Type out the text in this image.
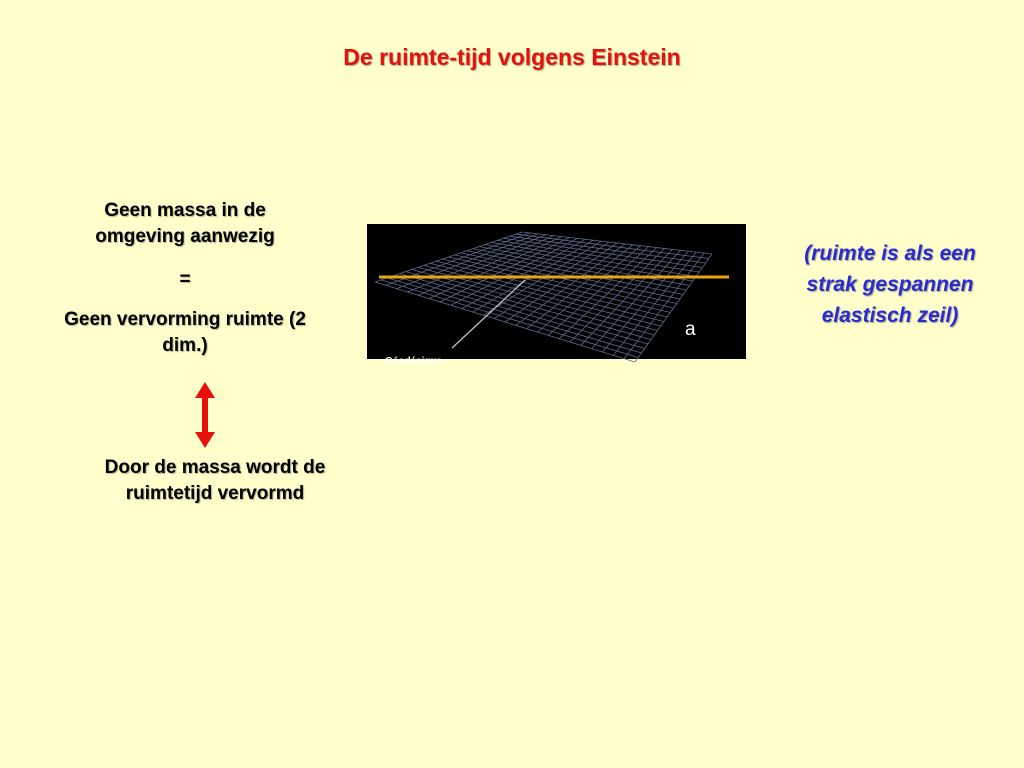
De ruimte-tijd volgens Einstein
Geen massa in de omgeving aanwezig
=
Geen vervorming ruimte (2 dim.)
Door de massa wordt de ruimtetijd vervormd
a
Géodésique
(ruimte is als een strak gespannen elastisch zeil)
